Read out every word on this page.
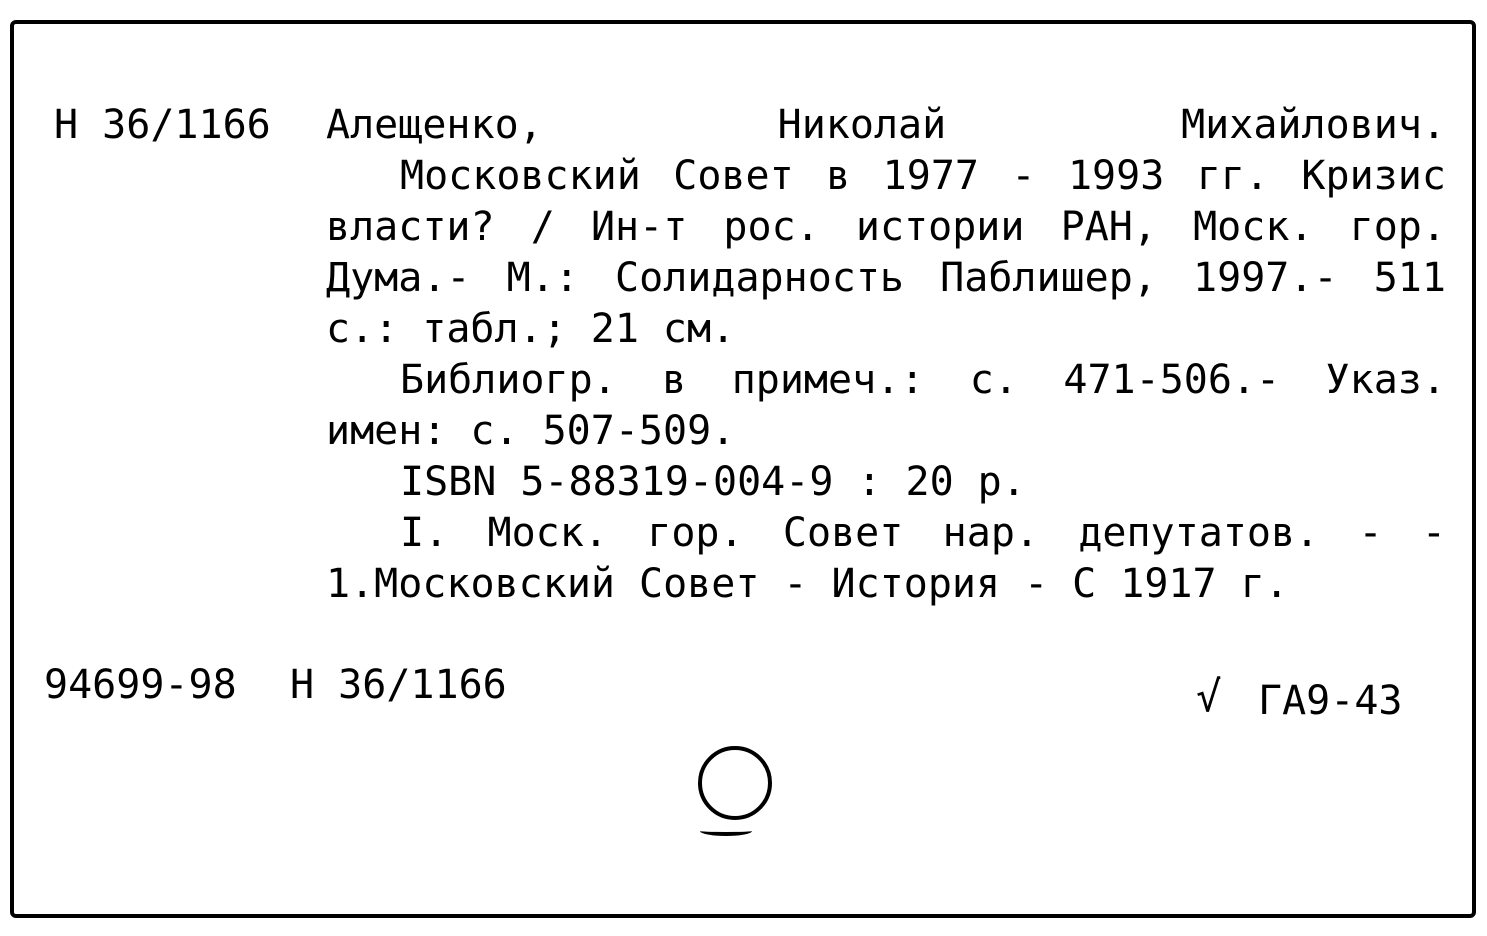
Н 36/1166 Алещенко,	Николай	Михайлович.
Московский Совет в 1977 - 1993 гг. Кризис
власти? / Ин-т рос. истории РАН, Моск. гор.
Дума.- М.: Солидарность Паблишер, 1997.- 511
с.: табл.; 21 см.
Библиогр. в примеч.: с. 471-506.- Указ.
имен: с. 507-509.
ISBN 5-88319-004-9 : 20 р.
I. Моск. гор. Совет нар. депутатов. - -
1.Московский Совет - История - С 1917 г.
94699-98 Н 36/1166	√ ГА9-43
